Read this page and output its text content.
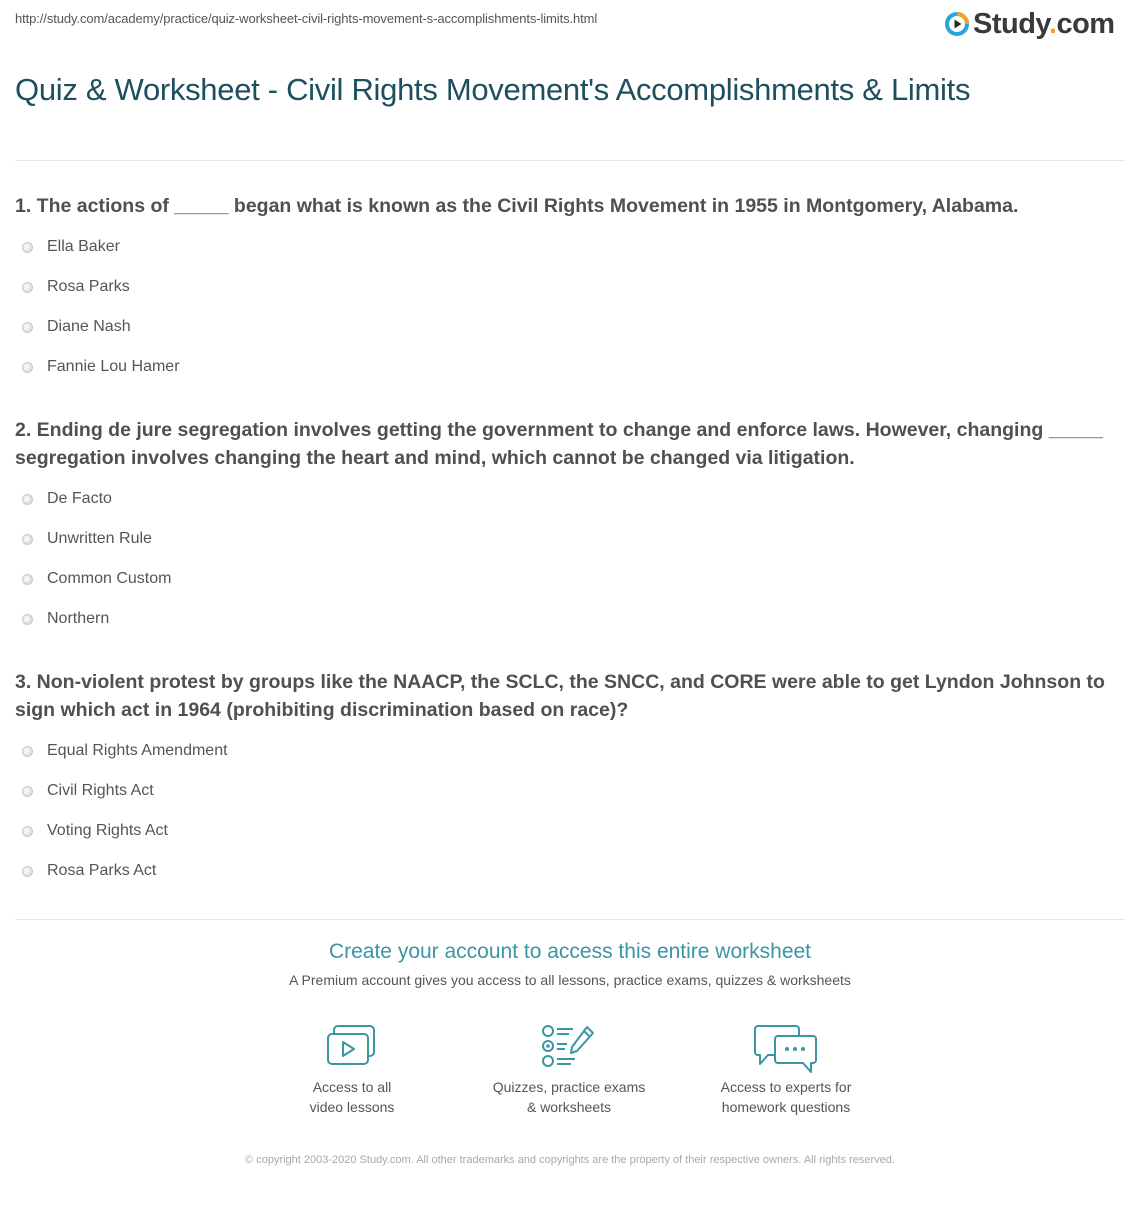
http://study.com/academy/practice/quiz-worksheet-civil-rights-movement-s-accomplishments-limits.html	Study.com
Quiz & Worksheet - Civil Rights Movement's Accomplishments & Limits

1. The actions of _____ began what is known as the Civil Rights Movement in 1955 in Montgomery, Alabama.

Ella Baker
Rosa Parks
Diane Nash
Fannie Lou Hamer

2. Ending de jure segregation involves getting the government to change and enforce laws. However, changing _____ segregation involves changing the heart and mind, which cannot be changed via litigation.

De Facto
Unwritten Rule
Common Custom
Northern

3. Non-violent protest by groups like the NAACP, the SCLC, the SNCC, and CORE were able to get Lyndon Johnson to sign which act in 1964 (prohibiting discrimination based on race)?

Equal Rights Amendment
Civil Rights Act
Voting Rights Act
Rosa Parks Act
Create your account to access this entire worksheet
A Premium account gives you access to all lessons, practice exams, quizzes & worksheets
Access to all
video lessons
Quizzes, practice exams
& worksheets
Access to experts for
homework questions
© copyright 2003-2020 Study.com. All other trademarks and copyrights are the property of their respective owners. All rights reserved.
